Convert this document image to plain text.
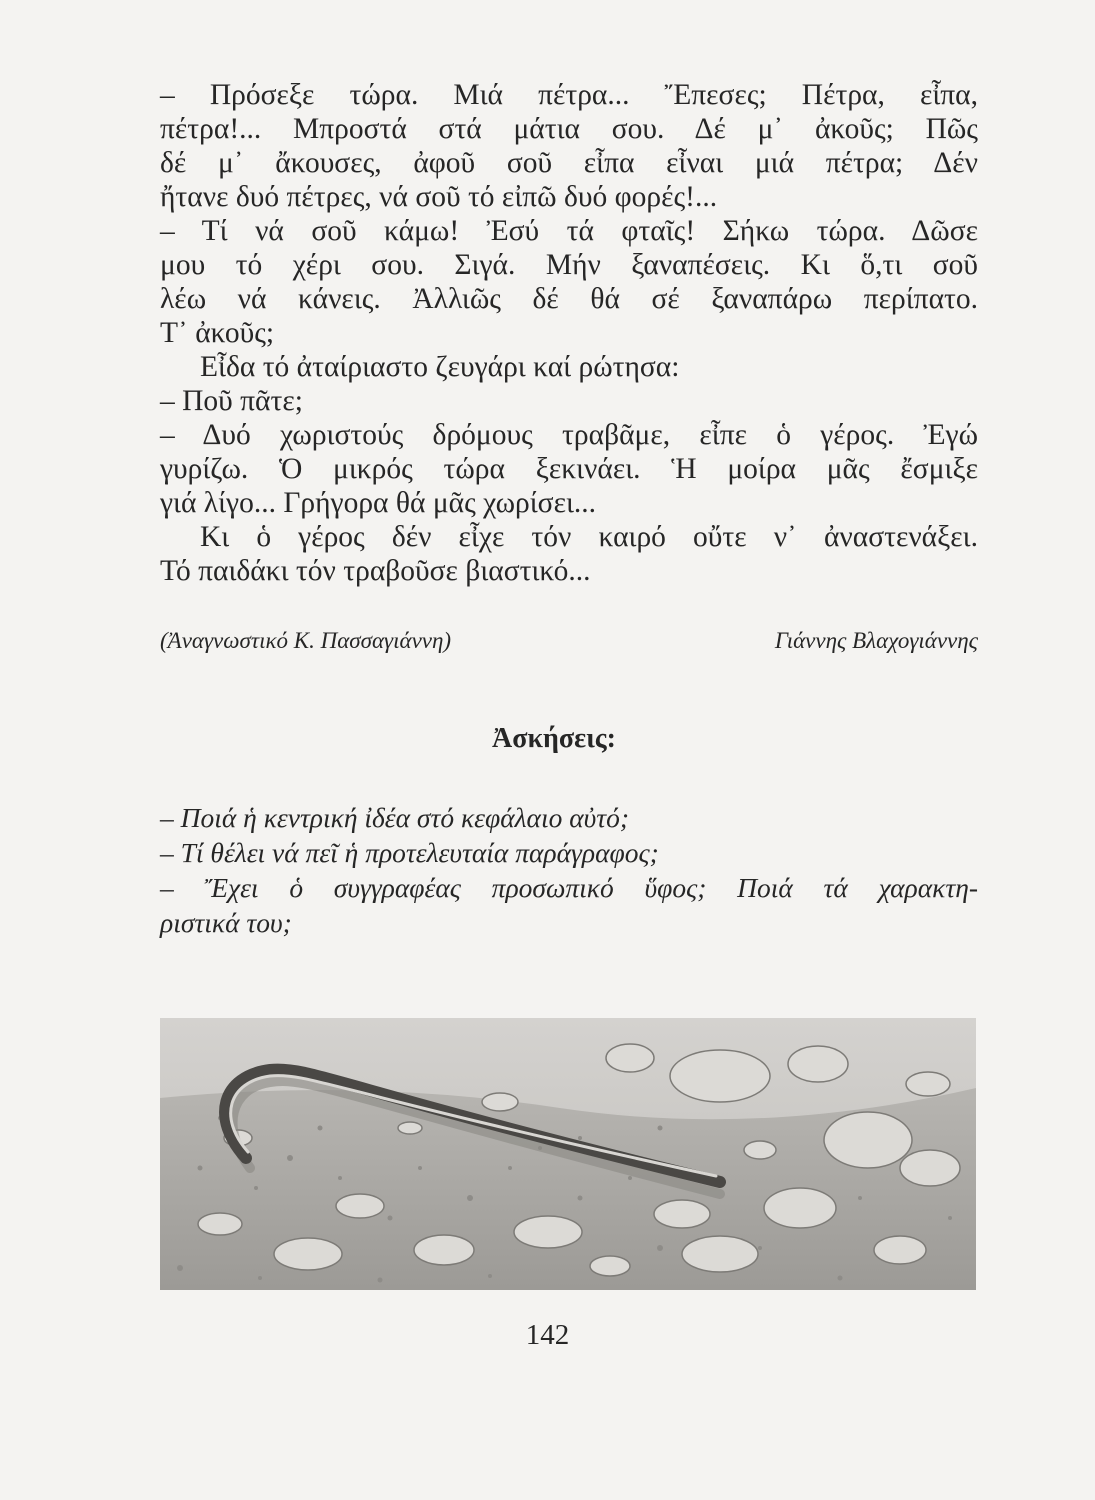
– Πρόσεξε τώρα. Μιά πέτρα... Ἔπεσες; Πέτρα, εἶπα,
πέτρα!... Μπροστά στά μάτια σου. Δέ μ᾽ ἀκοῦς; Πῶς
δέ μ᾽ ἄκουσες, ἀφοῦ σοῦ εἶπα εἶναι μιά πέτρα; Δέν
ἤτανε δυό πέτρες, νά σοῦ τό εἰπῶ δυό φορές!...
– Τί νά σοῦ κάμω! Ἐσύ τά φταῖς! Σήκω τώρα. Δῶσε
μου τό χέρι σου. Σιγά. Μήν ξαναπέσεις. Κι ὅ,τι σοῦ
λέω νά κάνεις. Ἀλλιῶς δέ θά σέ ξαναπάρω περίπατο.
Τ᾽ ἀκοῦς;
Εἶδα τό ἀταίριαστο ζευγάρι καί ρώτησα:
– Ποῦ πᾶτε;
– Δυό χωριστούς δρόμους τραβᾶμε, εἶπε ὁ γέρος. Ἐγώ
γυρίζω. Ὁ μικρός τώρα ξεκινάει. Ἡ μοίρα μᾶς ἔσμιξε
γιά λίγο... Γρήγορα θά μᾶς χωρίσει...
Κι ὁ γέρος δέν εἶχε τόν καιρό οὔτε ν᾽ ἀναστενάξει.
Τό παιδάκι τόν τραβοῦσε βιαστικό...
(Ἀναγνωστικό Κ. Πασσαγιάννη)	Γιάννης Βλαχογιάννης
Ἀσκήσεις:
– Ποιά ἡ κεντρική ἰδέα στό κεφάλαιο αὐτό;
– Τί θέλει νά πεῖ ἡ προτελευταία παράγραφος;
– Ἔχει ὁ συγγραφέας προσωπικό ὕφος; Ποιά τά χαρακτη-
ριστικά του;
142
